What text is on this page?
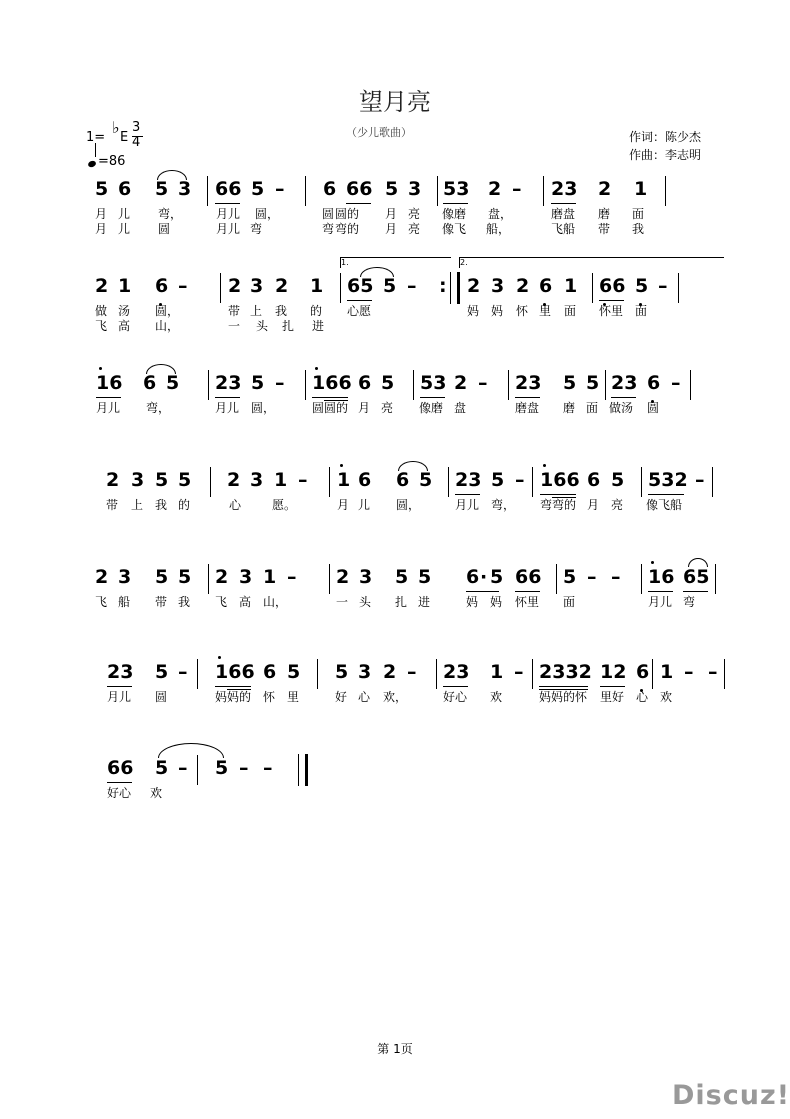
望月亮
（少儿歌曲）
1=
♭
E
3
4
=86
作词：陈少杰
作曲：李志明
5 6 5 3 66 5 – 6 66 5 3 53 2 – 23 2 1
月 儿 弯，	月儿 圆，	圆 圆的 月 亮 像磨 盘，	磨盘 磨 面
月 儿 圆	月儿 弯	弯 弯的 月 亮 像飞 船，	飞船 带 我
1.	2.
2 1 6 – 2 3 2 1 65 5 – : 2 3 2 6 1 66 5 –
做 汤 圆，	带 上 我 的 心愿	妈 妈 怀 里 面 怀里 面
飞 高 山，	一 头 扎 进
1
6 6 5 23 5 – 1
66 6 5 53 2 – 23 5 5 23 6 –
月儿 弯，	月儿 圆，	圆圆的 月 亮 像磨 盘	磨盘 磨 面 做汤 圆
2 3 5 5 2 3 1 – 1 6 6 5 23 5 – 1
66 6 5 532 –
带 上 我 的	心	愿。	月 儿 圆，	月儿 弯， 弯弯的 月 亮 像飞船
2 3 5 5 2 3 1 – 2 3 5 5 6 · 5 66 5 – – 1
6 65
飞 船 带 我 飞 高 山，	一 头 扎 进	妈 妈 怀里 面	月儿 弯
23 5 – 1
66 6 5 5 3 2 – 23 1 – 2332 12 6 1 – –
月儿 圆	妈妈的 怀 里	好 心 欢，	好心 欢	妈妈的怀 里好 心 欢
66 5 – 5 – –
好心 欢
第 1页
Discuz!
